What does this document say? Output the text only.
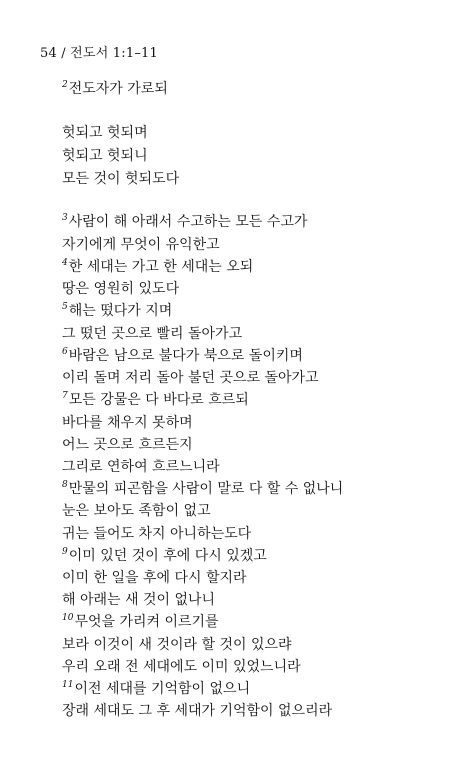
54 / 전도서 1:1–11
$^2$전도자가 가로되
헛되고 헛되며
헛되고 헛되니
모든 것이 헛되도다
$^3$사람이 해 아래서 수고하는 모든 수고가
자기에게 무엇이 유익한고
$^4$한 세대는 가고 한 세대는 오되
땅은 영원히 있도다
$^5$해는 떴다가 지며
그 떴던 곳으로 빨리 돌아가고
$^6$바람은 남으로 불다가 북으로 돌이키며
이리 돌며 저리 돌아 불던 곳으로 돌아가고
$^7$모든 강물은 다 바다로 흐르되
바다를 채우지 못하며
어느 곳으로 흐르든지
그리로 연하여 흐르느니라
$^8$만물의 피곤함을 사람이 말로 다 할 수 없나니
눈은 보아도 족함이 없고
귀는 들어도 차지 아니하는도다
$^9$이미 있던 것이 후에 다시 있겠고
이미 한 일을 후에 다시 할지라
해 아래는 새 것이 없나니
$^{10}$무엇을 가리켜 이르기를
보라 이것이 새 것이라 할 것이 있으랴
우리 오래 전 세대에도 이미 있었느니라
$^{11}$이전 세대를 기억함이 없으니
장래 세대도 그 후 세대가 기억함이 없으리라
